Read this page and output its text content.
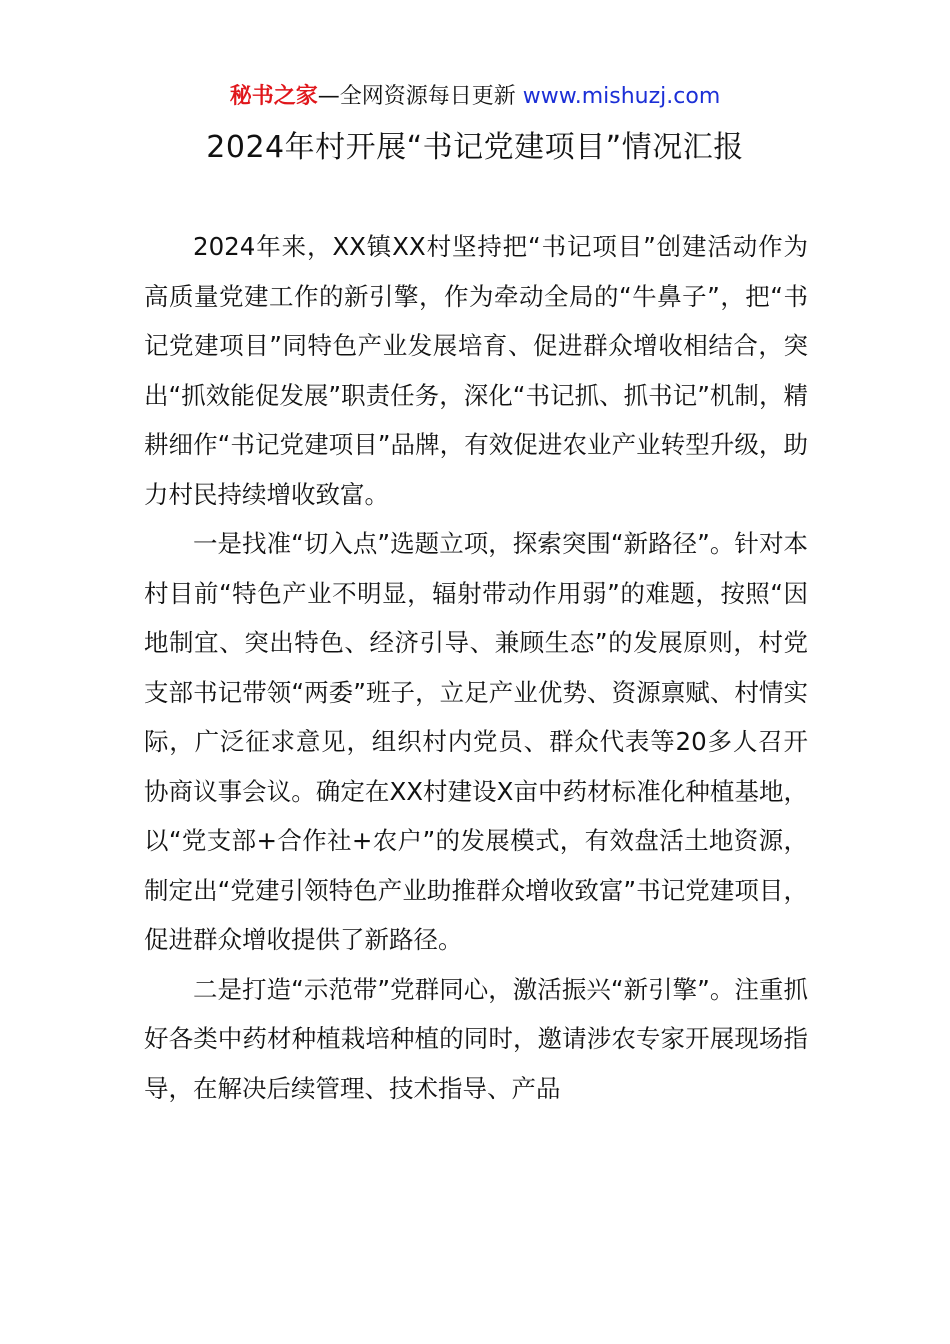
秘书之家—全网资源每日更新 www.mishuzj.com
2024年村开展“书记党建项目”情况汇报

2024年来，XX镇XX村坚持把“书记项目”创建活动作为高质量党建工作的新引擎，作为牵动全局的“牛鼻子”，把“书记党建项目”同特色产业发展培育、促进群众增收相结合，突出“抓效能促发展”职责任务，深化“书记抓、抓书记”机制，精耕细作“书记党建项目”品牌，有效促进农业产业转型升级，助力村民持续增收致富。

一是找准“切入点”选题立项，探索突围“新路径”。针对本村目前“特色产业不明显，辐射带动作用弱”的难题，按照“因地制宜、突出特色、经济引导、兼顾生态”的发展原则，村党支部书记带领“两委”班子，立足产业优势、资源禀赋、村情实际，广泛征求意见，组织村内党员、群众代表等20多人召开协商议事会议。确定在XX村建设X亩中药材标准化种植基地，以“党支部+合作社+农户”的发展模式，有效盘活土地资源，制定出“党建引领特色产业助推群众增收致富”书记党建项目，促进群众增收提供了新路径。

二是打造“示范带”党群同心，激活振兴“新引擎”。注重抓好各类中药材种植栽培种植的同时，邀请涉农专家开展现场指导，在解决后续管理、技术指导、产品
